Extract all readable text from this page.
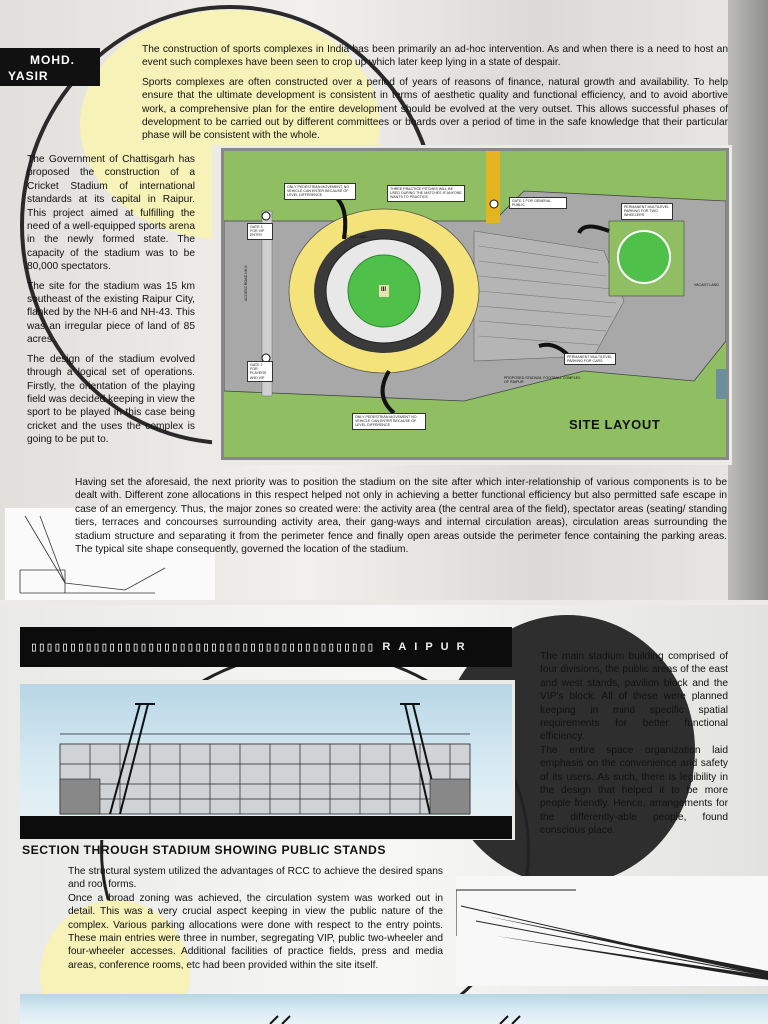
MOHD.
YASIR

The construction of sports complexes in India has been primarily an ad-hoc intervention. As and when there is a need to host an event such complexes have been seen to crop up which later keep lying in a state of despair.

Sports complexes are often constructed over a period of years of reasons of finance, natural growth and availability. To help ensure that the ultimate development is consistent in terms of aesthetic quality and functional efficiency, and to avoid abortive work, a comprehensive plan for the entire development should be evolved at the very outset. This allows successful phases of development to be carried out by different committees or boards over a period of time in the safe knowledge that their particular phase will be consistent with the whole.

The Government of Chattisgarh has proposed the construction of a Cricket Stadium of international standards at its capital in Raipur. This project aimed at fulfilling the need of a well-equipped sports arena in the newly formed state. The capacity of the stadium was to be 80,000 spectators.

The site for the stadium was 15 km southeast of the existing Raipur City, flanked by the NH-6 and NH-43. This was an irregular piece of land of 85 acres.

The design of the stadium evolved through a logical set of operations. Firstly, the orientation of the playing field was decided keeping in view the sport to be played in this case being cricket and the uses the complex is going to be put to.

ONLY PEDESTRIAN MOVEMENT, NO VEHICLE CAN ENTER BECAUSE OF LEVEL DIFFERENCE
THREE PRACTICE PITCHES WILL BE USED DURING THE MATCHES IF ANYONE WANTS TO PRACTICE
GATE 1 FOR GENERAL PUBLIC	PERMANENT MULTILEVEL PARKING FOR TWO WHEELERS
VACANT LAND
VACANT LAND
GATE 3 FOR VIP ENTRY
GATE 2 FOR PLAYERS AND VIP
ACCESS ROAD NH-6
PERMANENT MULTILEVEL PARKING FOR CARS
PROPOSED STADIUM, FOOTBALL COMPLEX OF RAIPUR
ONLY PEDESTRIAN MOVEMENT NO VEHICLE CAN ENTER BECAUSE OF LEVEL DIFFERENCE
III
SITE LAYOUT

Having set the aforesaid, the next priority was to position the stadium on the site after which inter-relationship of various components is to be dealt with. Different zone allocations in this respect helped not only in achieving a better functional efficiency but also permitted safe escape in case of an emergency. Thus, the major zones so created were: the activity area (the central area of the field), spectator areas (seating/ standing tiers, terraces and concourses surrounding activity area, their gang-ways and internal circulation areas), circulation areas surrounding the stadium structure and separating it from the perimeter fence and finally open areas outside the perimeter fence containing the parking areas. The typical site shape consequently, governed the location of the stadium.

▯▯▯▯▯▯▯▯▯▯▯▯▯▯▯▯▯▯▯▯▯▯▯▯▯▯▯▯▯▯▯▯▯▯▯▯▯▯▯▯▯▯▯▯ RAIPUR

The main stadium building comprised of four divisions, the public areas of the east and west stands, pavilion block and the VIP’s block. All of these were planned keeping in mind specific spatial requirements for better functional efficiency.

The entire space organization laid emphasis on the convenience and safety of its users. As such, there is legibility in the design that helped it to be more people friendly. Hence, arrangements for the differently-able people, found conscious place.

SECTION THROUGH STADIUM SHOWING PUBLIC STANDS

The structural system utilized the advantages of RCC to achieve the desired spans and roof forms.

Once a broad zoning was achieved, the circulation system was worked out in detail. This was a very crucial aspect keeping in view the public nature of the complex. Various parking allocations were done with respect to the entry points. These main entries were three in number, segregating VIP, public two-wheeler and four-wheeler accesses. Additional facilities of practice fields, press and media areas, conference rooms, etc had been provided within the site itself.
